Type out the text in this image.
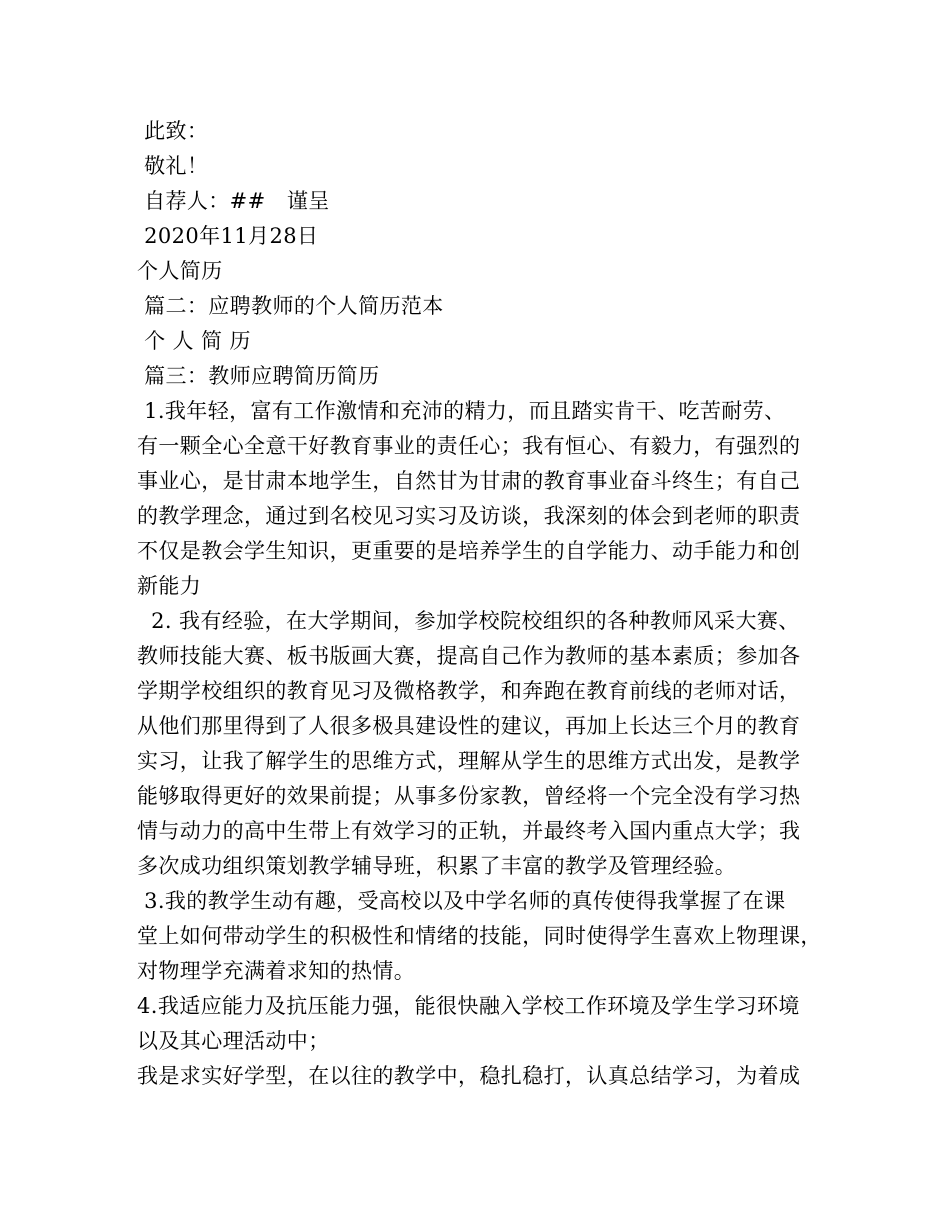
此致：
敬礼！
自荐人：##   谨呈
2020年11月28日
个人简历
篇二：应聘教师的个人简历范本
个 人 简 历
篇三：教师应聘简历简历
1.我年轻，富有工作激情和充沛的精力，而且踏实肯干、吃苦耐劳、
有一颗全心全意干好教育事业的责任心；我有恒心、有毅力，有强烈的
事业心，是甘肃本地学生，自然甘为甘肃的教育事业奋斗终生；有自己
的教学理念，通过到名校见习实习及访谈，我深刻的体会到老师的职责
不仅是教会学生知识，更重要的是培养学生的自学能力、动手能力和创
新能力
2. 我有经验，在大学期间，参加学校院校组织的各种教师风采大赛、
教师技能大赛、板书版画大赛，提高自己作为教师的基本素质；参加各
学期学校组织的教育见习及微格教学，和奔跑在教育前线的老师对话，
从他们那里得到了人很多极具建设性的建议，再加上长达三个月的教育
实习，让我了解学生的思维方式，理解从学生的思维方式出发，是教学
能够取得更好的效果前提；从事多份家教，曾经将一个完全没有学习热
情与动力的高中生带上有效学习的正轨，并最终考入国内重点大学；我
多次成功组织策划教学辅导班，积累了丰富的教学及管理经验。
3.我的教学生动有趣，受高校以及中学名师的真传使得我掌握了在课
堂上如何带动学生的积极性和情绪的技能，同时使得学生喜欢上物理课，
对物理学充满着求知的热情。
4.我适应能力及抗压能力强，能很快融入学校工作环境及学生学习环境
以及其心理活动中；
我是求实好学型，在以往的教学中，稳扎稳打，认真总结学习，为着成
